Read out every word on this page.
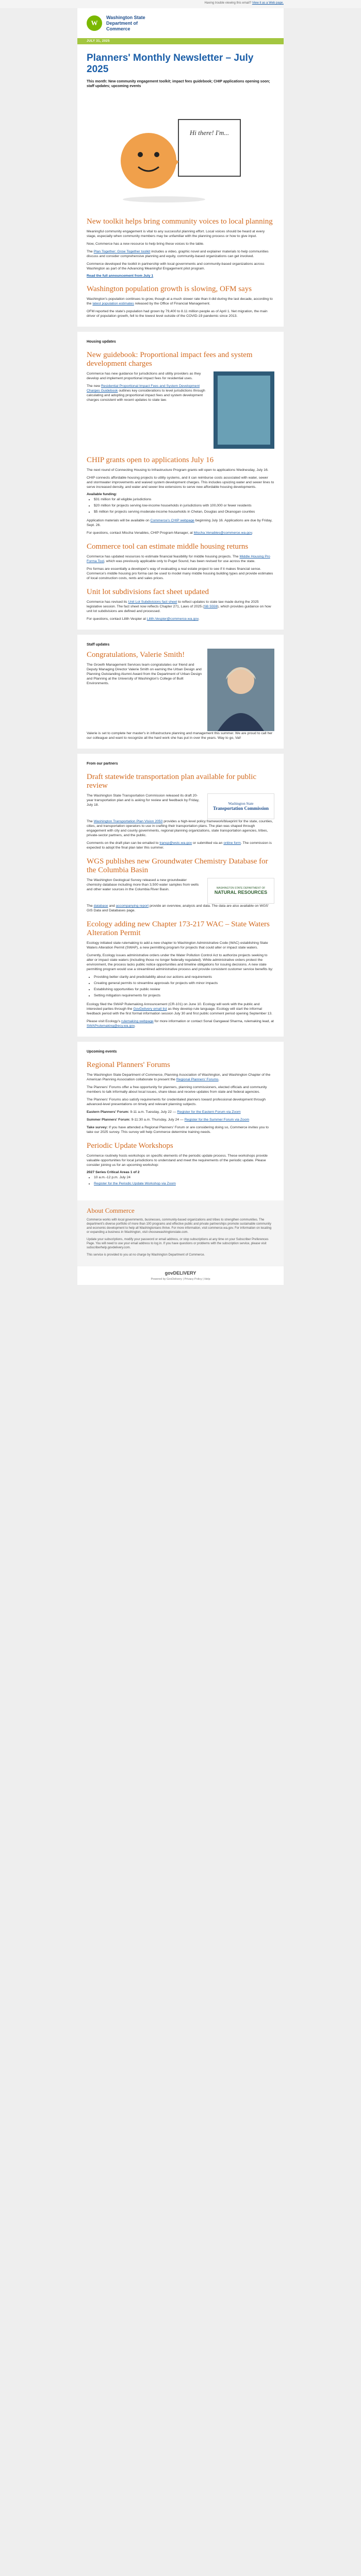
Having trouble viewing this email? View it as a Web page.
W
Washington State
Department of
Commerce
JULY 31, 2025
Planners' Monthly Newsletter – July 2025
This month: New community engagement toolkit; impact fees guidebook; CHIP applications opening soon; staff updates; upcoming events
Hi there! I'm...
New toolkit helps bring community voices to local planning

Meaningful community engagement is vital to any successful planning effort. Local voices should be heard at every stage, especially when community members may be unfamiliar with the planning process or how to give input.

Now, Commerce has a new resource to help bring these voices to the table.

The Plan Together: Grow Together toolkit includes a video, graphic novel and explainer materials to help communities discuss and consider comprehensive planning and equity, community-based organizations can get involved.

Commerce developed the toolkit in partnership with local governments and community-based organizations across Washington as part of the Advancing Meaningful Engagement pilot program.

Read the full announcement from July 1
Washington population growth is slowing, OFM says

Washington's population continues to grow, though at a much slower rate than it did during the last decade, according to the latest population estimates released by the Office of Financial Management.

OFM reported the state's population had grown by 79,400 to 8.11 million people as of April 1. Net migration, the main driver of population growth, fell to the lowest level outside of the COVID-19 pandemic since 2013.

Housing updates
New guidebook: Proportional impact fees and system development charges

Commerce has new guidance for jurisdictions and utility providers as they develop and implement proportional impact fees for residential uses.

The new Residential Proportional Impact Fees and System Development Charges Guidebook outlines key considerations to level jurisdictions through calculating and adopting proportional impact fees and system development charges consistent with recent updates to state law.

CHIP grants open to applications July 16

The next round of Connecting Housing to Infrastructure Program grants will open to applications Wednesday, July 16.

CHIP connects affordable housing projects to utility systems, and it can reimburse costs associated with water, sewer and stormwater improvements and waived system development charges. This includes upsizing water and sewer lines to serve increased density, and water and sewer line extensions to serve new affordable housing developments.

Available funding:
• $31 million for all eligible jurisdictions
• $20 million for projects serving low-income households in jurisdictions with 100,000 or fewer residents
• $5 million for projects serving moderate-income households in Chelan, Douglas and Okanogan counties

Application materials will be available on Commerce's CHIP webpage beginning July 16. Applications are due by Friday, Sept. 26.

For questions, contact Mischa Venables, CHIP Program Manager, at Mischa.Venables@commerce.wa.gov.

Commerce tool can estimate middle housing returns

Commerce has updated resources to estimate financial feasibility for middle housing projects. The Middle Housing Pro Forma Tool, which was previously applicable only to Puget Sound, has been revised for use across the state.

Pro formas are essentially a developer's way of evaluating a real estate project to see if it makes financial sense. Commerce's middle housing pro forma can be used to model many middle housing building types and provide estimates of local construction costs, rents and sales prices.

Unit lot subdivisions fact sheet updated

Commerce has revised its Unit Lot Subdivisions fact sheet to reflect updates to state law made during the 2025 legislative session. The fact sheet now reflects Chapter 271, Laws of 2025 (SB 5559), which provides guidance on how unit lot subdivisions are defined and processed.

For questions, contact Lilith Vespier at Lilith.Vespier@commerce.wa.gov.

Staff updates
Congratulations, Valerie Smith!

The Growth Management Services team congratulates our friend and Deputy Managing Director Valerie Smith on earning the Urban Design and Planning Outstanding Alumni Award from the Department of Urban Design and Planning at the University of Washington's College of Built Environments.

Valerie is set to complete her master's in infrastructure planning and management this summer. We are proud to call her our colleague and want to recognize all the hard work she has put in over the years. Way to go, Val!

From our partners
Draft statewide transportation plan available for public review

The Washington State Transportation Commission released its draft 20-year transportation plan and is asking for review and feedback by Friday, July 18.	Washington State
Transportation Commission

The Washington Transportation Plan Vision 2050 provides a high-level policy framework/blueprint for the state, counties, cities, and transportation operators to use in crafting their transportation plans. The plan was shaped through engagement with city and county governments, regional planning organizations, state transportation agencies, tribes, private-sector partners, and the public.

Comments on the draft plan can be emailed to transp@wstc.wa.gov or submitted via an online form. The commission is expected to adopt the final plan later this summer.

WGS publishes new Groundwater Chemistry Database for the Columbia Basin

The Washington Geological Survey released a new groundwater chemistry database including more than 3,500 water samples from wells and other water sources in the Columbia River Basin.	WASHINGTON STATE DEPARTMENT OF
NATURAL RESOURCES

The database and accompanying report provide an overview, analysis and data. The data are also available on WGS' GIS Data and Databases page.

Ecology adding new Chapter 173-217 WAC – State Waters Alteration Permit

Ecology initiated state rulemaking to add a new chapter to Washington Administrative Code (WAC) establishing State Waters Alteration Permit (SWAP), a new permitting program for projects that could alter or impact state waters.

Currently, Ecology issues administrative orders under the Water Pollution Control Act to authorize projects seeking to alter or impact state waters (including those no longer federally regulated). While administrative orders protect the environment, the process lacks public notice opportunities and timeline obligations for issuing decisions. A new state permitting program would use a streamlined administrative process and provide consistent customer service benefits by:

• Providing better clarity and predictability about our actions and requirements
• Creating general permits to streamline approvals for projects with minor impacts
• Establishing opportunities for public review
• Setting mitigation requirements for projects

Ecology filed the SWAP Rulemaking Announcement (CR-101) on June 10. Ecology will work with the public and interested parties through the GovDelivery email list as they develop rule language. Ecology will start the informal feedback period with the first formal information session July 30 and first public comment period opening September 13.

Please visit Ecology's rulemaking webpage for more information or contact Sonal Gangawal Sharma, rulemaking lead, at SWAPrulemaking@ecy.wa.gov.

Upcoming events
Regional Planners' Forums

The Washington State Department of Commerce, Planning Association of Washington, and Washington Chapter of the American Planning Association collaborate to present the Regional Planners' Forums.

The Planners' Forums offer a free opportunity for planners, planning commissioners, elected officials and community members to talk informally about local issues, share ideas and receive updates from state and federal agencies.

The Planners' Forums also satisfy requirements for credentialed planners toward professional development through advanced-level presentations on timely and relevant planning subjects.

Eastern Planners' Forum: 9-11 a.m. Tuesday, July 22 — Register for the Eastern Forum via Zoom

Summer Planners' Forum: 9-11:30 a.m. Thursday, July 24 — Register for the Summer Forum via Zoom

Take survey: If you have attended a Regional Planners' Forum or are considering doing so, Commerce invites you to take our 2025 survey. This survey will help Commerce determine training needs.

Periodic Update Workshops

Commerce routinely hosts workshops on specific elements of the periodic update process. These workshops provide valuable opportunities for local jurisdictions to understand and meet the requirements of the periodic update. Please consider joining us for an upcoming workshop:

2027 Series Critical Areas 1 of 2
• 10 a.m.-12 p.m. July 24
• Register for the Periodic Update Workshop via Zoom
About Commerce

Commerce works with local governments, businesses, community-based organizations and tribes to strengthen communities. The department's diverse portfolio of more than 100 programs and effective public and private partnerships promote sustainable community and economic development to help all Washingtonians thrive. For more information, visit commerce.wa.gov. For information on locating or expanding a business in Washington, visit choosewashingtonstate.com.

Update your subscriptions, modify your password or email address, or stop subscriptions at any time on your Subscriber Preferences Page. You will need to use your email address to log in. If you have questions or problems with the subscription service, please visit subscriberhelp.govdelivery.com.

This service is provided to you at no charge by Washington Department of Commerce.

govDELIVERY
Powered by GovDelivery | Privacy Policy | Help
